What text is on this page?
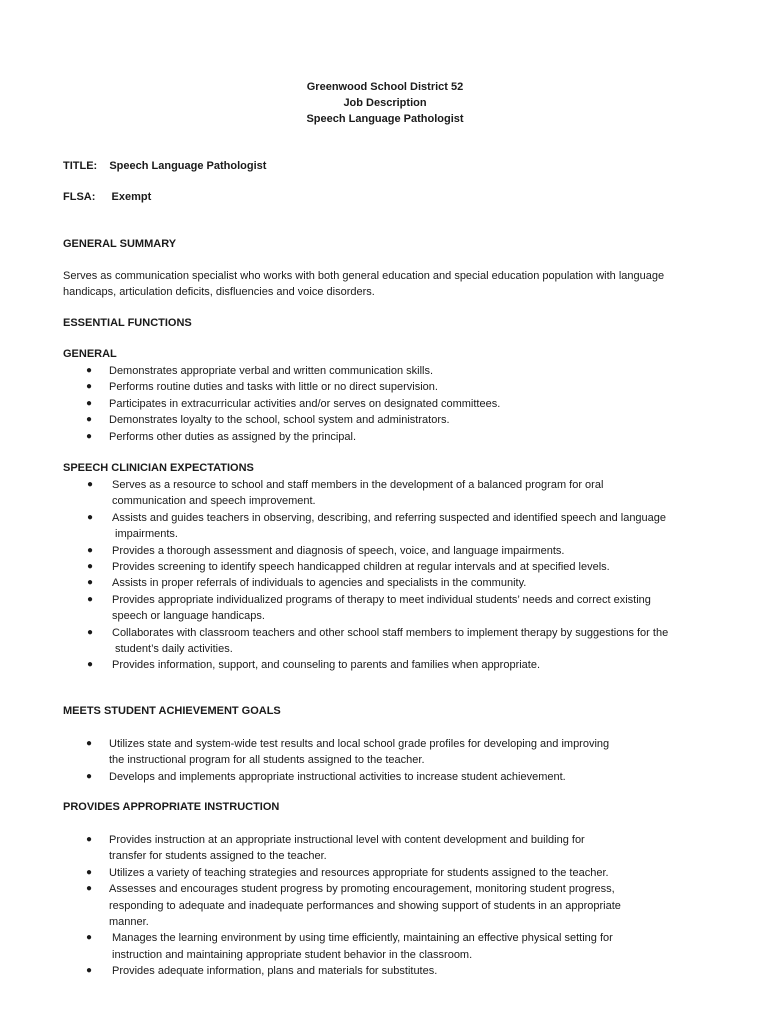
Greenwood School District 52
Job Description
Speech Language Pathologist
TITLE: Speech Language Pathologist
FLSA: Exempt
GENERAL SUMMARY
Serves as communication specialist who works with both general education and special education population with language
handicaps, articulation deficits, disfluencies and voice disorders.
ESSENTIAL FUNCTIONS
GENERAL
● Demonstrates appropriate verbal and written communication skills.
● Performs routine duties and tasks with little or no direct supervision.
● Participates in extracurricular activities and/or serves on designated committees.
● Demonstrates loyalty to the school, school system and administrators.
● Performs other duties as assigned by the principal.
SPEECH CLINICIAN EXPECTATIONS
● Serves as a resource to school and staff members in the development of a balanced program for oral
communication and speech improvement.
● Assists and guides teachers in observing, describing, and referring suspected and identified speech and language
impairments.
● Provides a thorough assessment and diagnosis of speech, voice, and language impairments.
● Provides screening to identify speech handicapped children at regular intervals and at specified levels.
● Assists in proper referrals of individuals to agencies and specialists in the community.
● Provides appropriate individualized programs of therapy to meet individual students’ needs and correct existing
speech or language handicaps.
● Collaborates with classroom teachers and other school staff members to implement therapy by suggestions for the
student’s daily activities.
● Provides information, support, and counseling to parents and families when appropriate.
MEETS STUDENT ACHIEVEMENT GOALS
● Utilizes state and system-wide test results and local school grade profiles for developing and improving
the instructional program for all students assigned to the teacher.
● Develops and implements appropriate instructional activities to increase student achievement.
PROVIDES APPROPRIATE INSTRUCTION
● Provides instruction at an appropriate instructional level with content development and building for
transfer for students assigned to the teacher.
● Utilizes a variety of teaching strategies and resources appropriate for students assigned to the teacher.
● Assesses and encourages student progress by promoting encouragement, monitoring student progress,
responding to adequate and inadequate performances and showing support of students in an appropriate
manner.
● Manages the learning environment by using time efficiently, maintaining an effective physical setting for
instruction and maintaining appropriate student behavior in the classroom.
● Provides adequate information, plans and materials for substitutes.
